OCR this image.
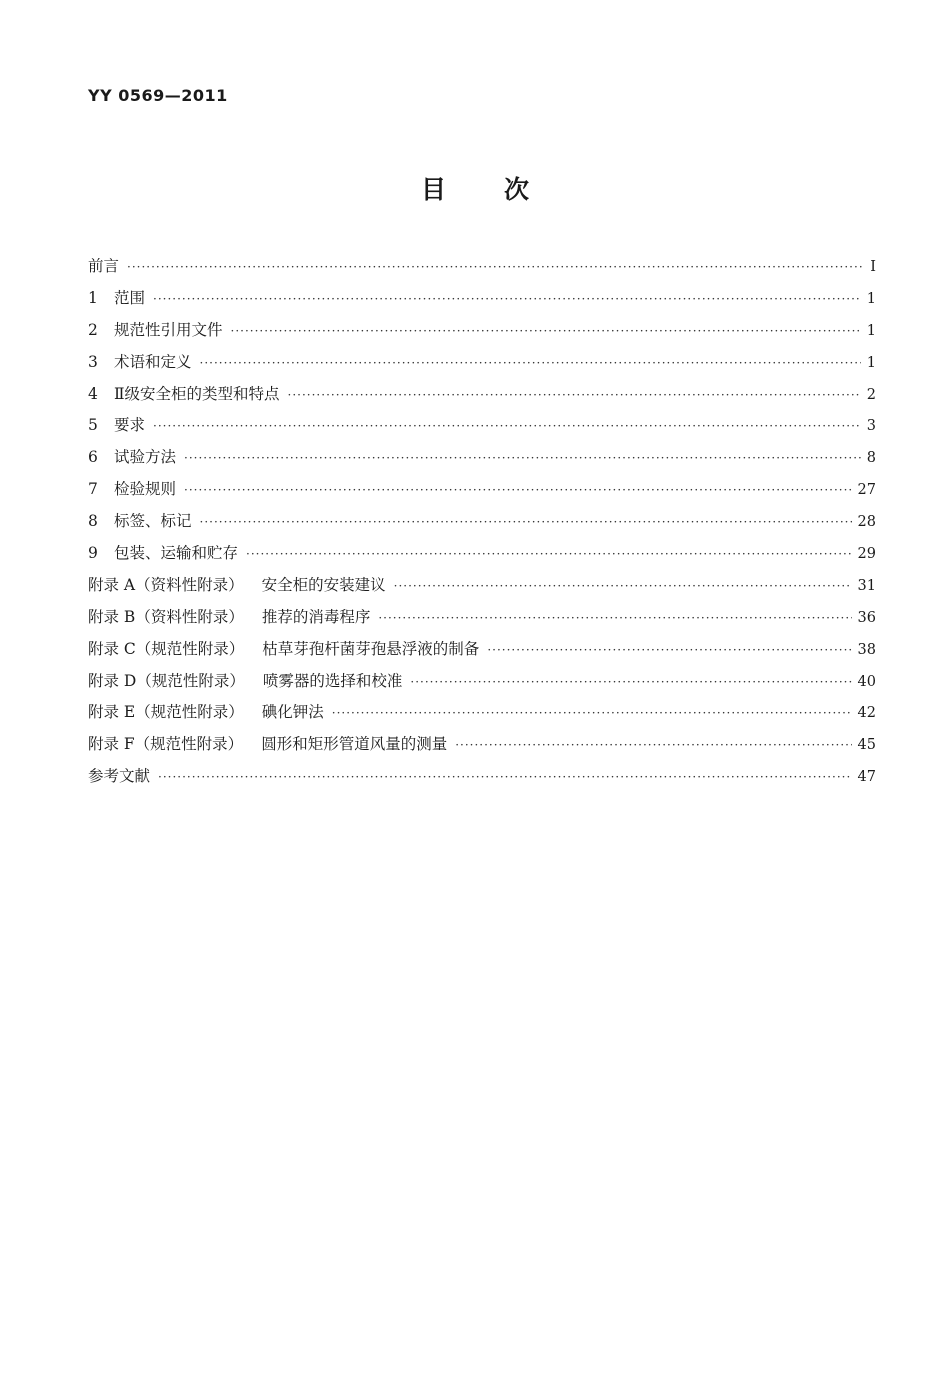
YY 0569—2011
目 次
前言 ·····	Ⅰ
1 范围 ·····	1
2 规范性引用文件 ·····	1
3 术语和定义 ·····	1
4 Ⅱ级安全柜的类型和特点 ·····	2
5 要求 ·····	3
6 试验方法 ·····	8
7 检验规则 ·····	27
8 标签、标记 ·····	28
9 包装、运输和贮存 ·····	29
附录 A（资料性附录） 安全柜的安装建议 ·····	31
附录 B（资料性附录） 推荐的消毒程序 ·····	36
附录 C（规范性附录） 枯草芽孢杆菌芽孢悬浮液的制备 ·····	38
附录 D（规范性附录） 喷雾器的选择和校准 ·····	40
附录 E（规范性附录） 碘化钾法 ·····	42
附录 F（规范性附录） 圆形和矩形管道风量的测量 ·····	45
参考文献 ·····	47
